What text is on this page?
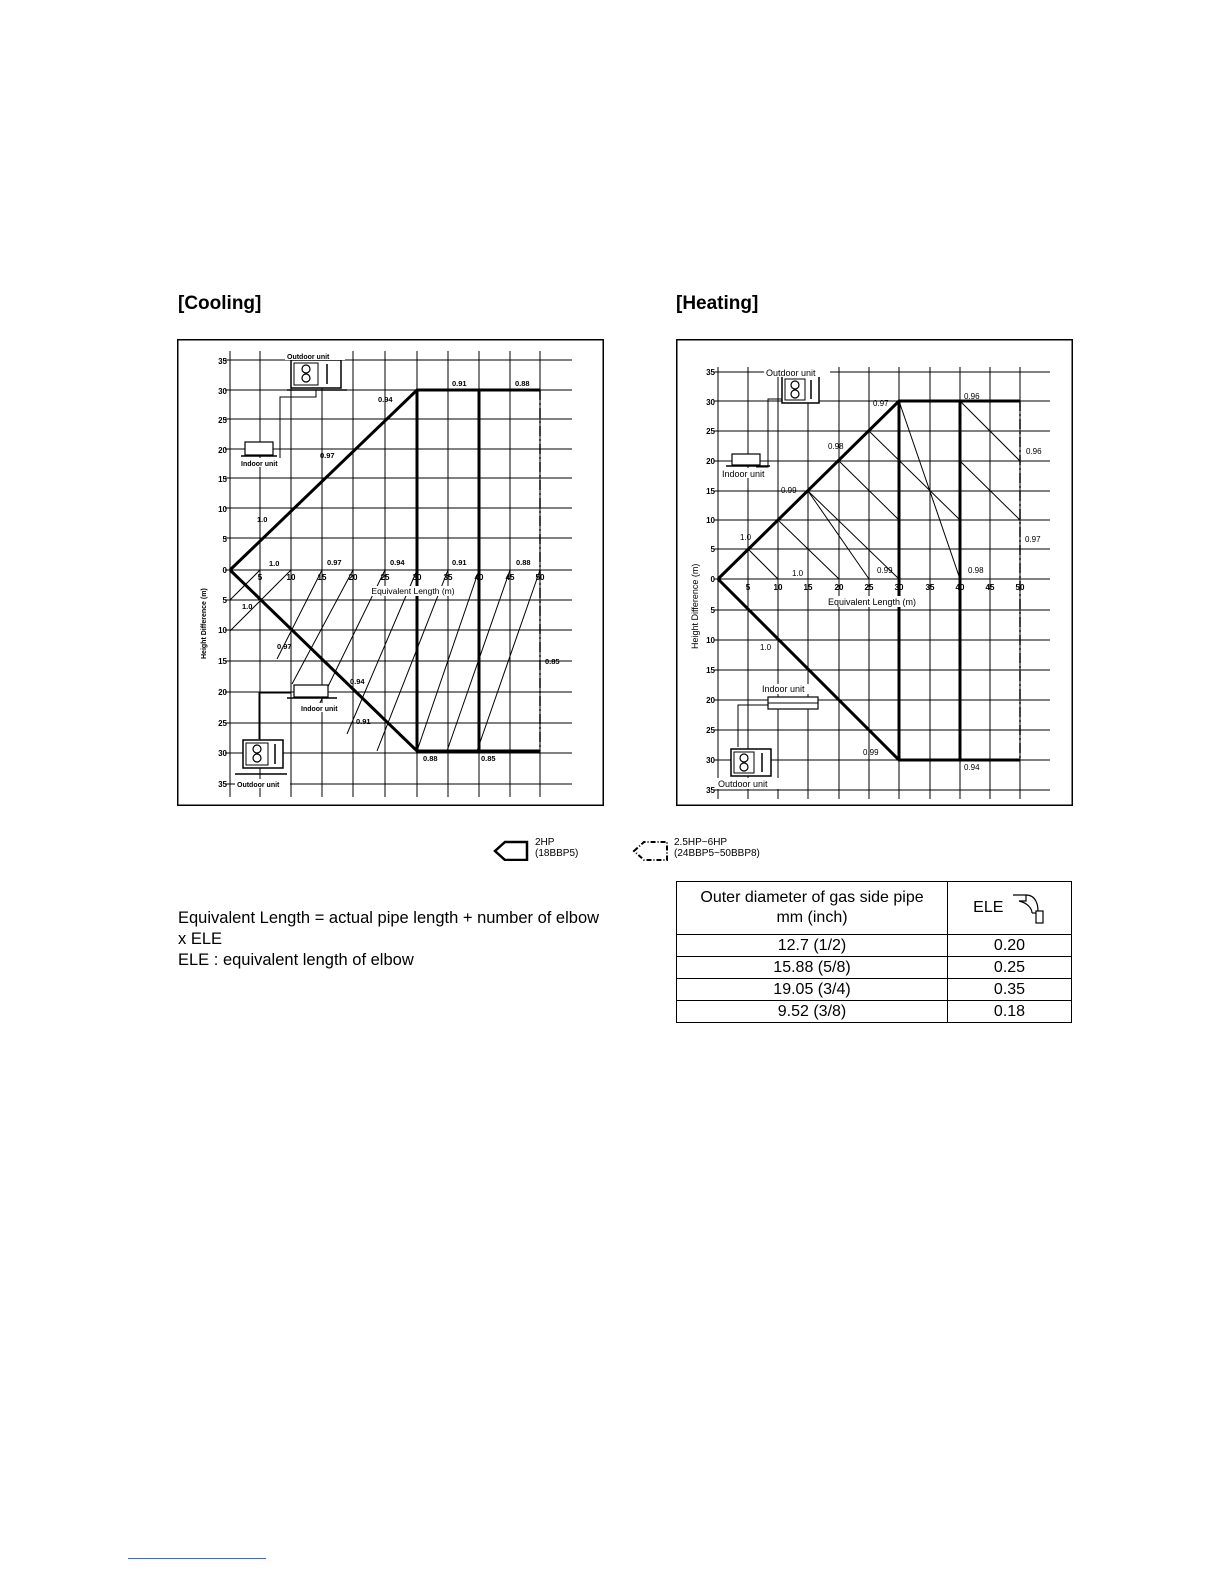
[Cooling]	[Heating]
35
30
25
20
15
10
5
0
5
10
15
20
25
30
35
5	10	15	20	25	30	35	40	45	50
Height Difference (m)	Equivalent Length (m)
Outdoor unit
Indoor unit
Indoor unit
Outdoor unit
0.91	0.88
0.94
0.97
1.0
1.0	0.97	0.94	0.91	0.88
1.0
0.97
0.94
0.91
0.88	0.85
0.85
35
30
25
20
15
10
5
0
5
10
15
20
25
30
35
5	10	15	20	25	30	35	40	45	50
Height Difference (m)	Equivalent Length (m)
Outdoor unit
Indoor unit
Indoor unit
Outdoor unit
0.96
0.97
0.96
0.98
0.99
0.97
1.0
1.0	0.99	0.98
1.0
0.99
0.94
2HP
(18BBP5)
2.5HP~6HP
(24BBP5~50BBP8)
Equivalent Length = actual pipe length + number of elbow
x ELE
ELE : equivalent length of elbow
Outer diameter of gas side pipe
mm (inch)	ELE
12.7 (1/2)	0.20
15.88 (5/8)	0.25
19.05 (3/4)	0.35
9.52 (3/8)	0.18
